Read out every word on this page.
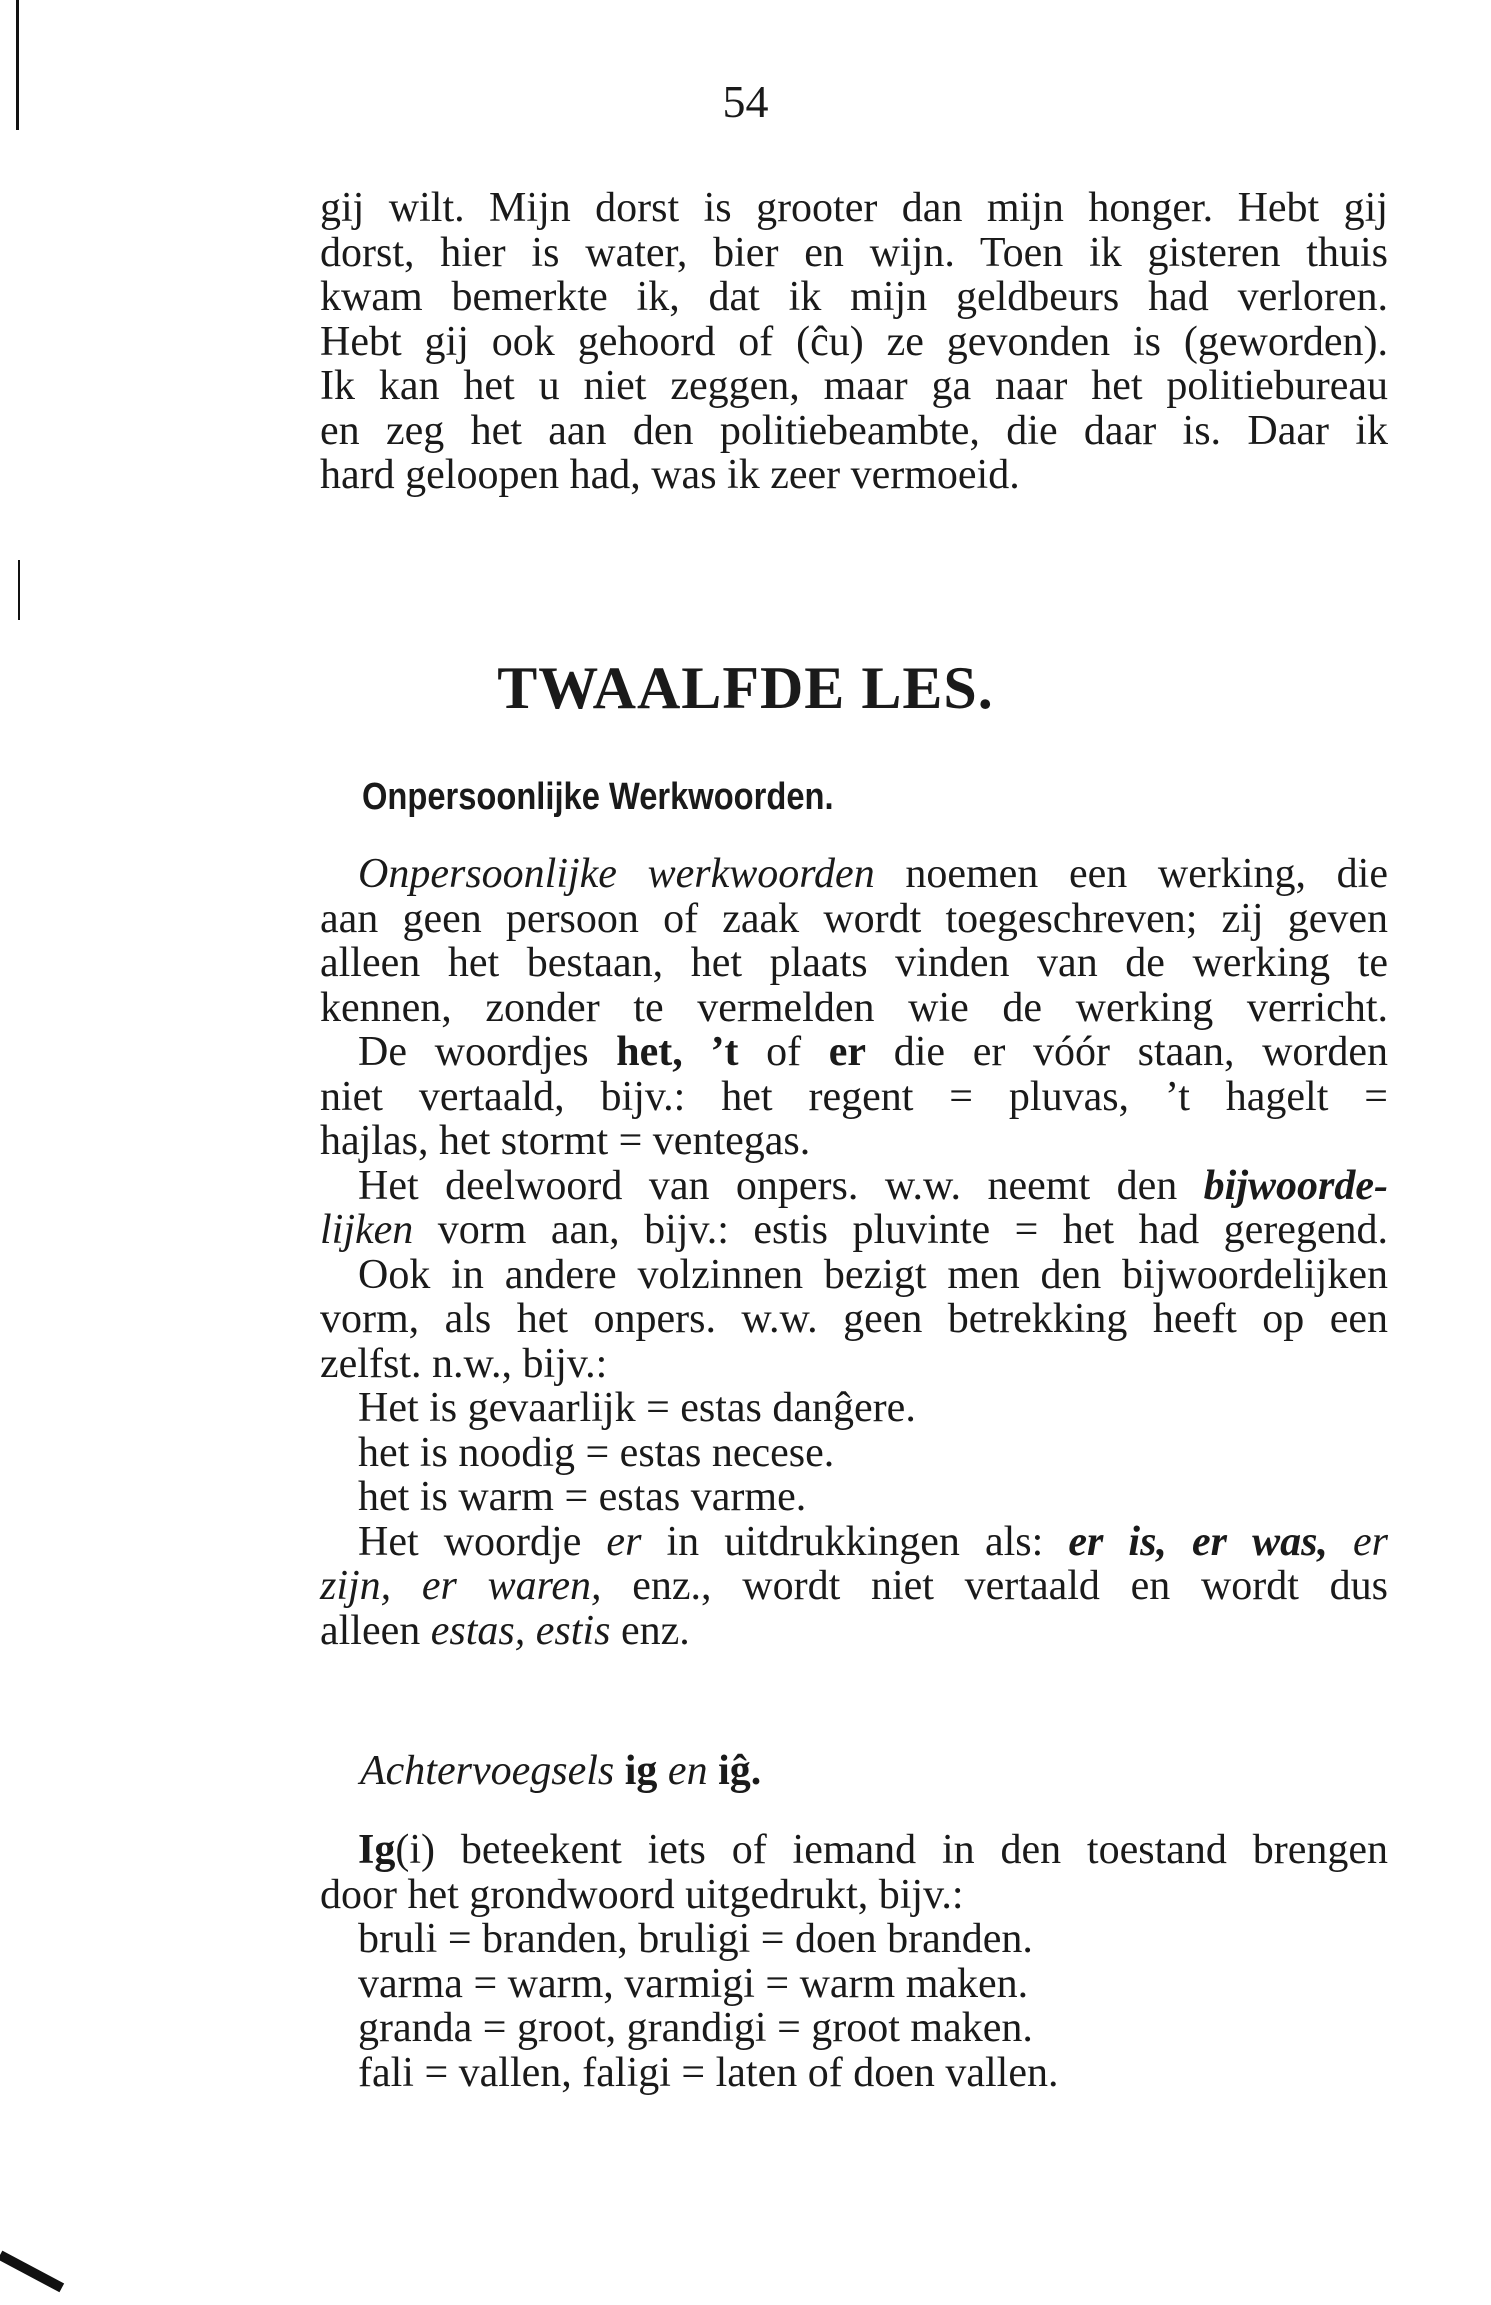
54
gij wilt. Mijn dorst is grooter dan mijn honger. Hebt gij
dorst, hier is water, bier en wijn. Toen ik gisteren thuis
kwam bemerkte ik, dat ik mijn geldbeurs had verloren.
Hebt gij ook gehoord of (ĉu) ze gevonden is (geworden).
Ik kan het u niet zeggen, maar ga naar het politiebureau
en zeg het aan den politiebeambte, die daar is. Daar ik
hard geloopen had, was ik zeer vermoeid.
TWAALFDE LES.
Onpersoonlijke Werkwoorden.
Onpersoonlijke werkwoorden noemen een werking, die
aan geen persoon of zaak wordt toegeschreven; zij geven
alleen het bestaan, het plaats vinden van de werking te
kennen, zonder te vermelden wie de werking verricht.
De woordjes het, ’t of er die er vóór staan, worden
niet vertaald, bijv.: het regent = pluvas, ’t hagelt =
hajlas, het stormt = ventegas.
Het deelwoord van onpers. w.w. neemt den bijwoorde-
lijken vorm aan, bijv.: estis pluvinte = het had geregend.
Ook in andere volzinnen bezigt men den bijwoordelijken
vorm, als het onpers. w.w. geen betrekking heeft op een
zelfst. n.w., bijv.:
Het is gevaarlijk = estas danĝere.
het is noodig = estas necese.
het is warm = estas varme.
Het woordje er in uitdrukkingen als: er is, er was, er
zijn, er waren, enz., wordt niet vertaald en wordt dus
alleen estas, estis enz.
Achtervoegsels ig en iĝ.
Ig(i) beteekent iets of iemand in den toestand brengen
door het grondwoord uitgedrukt, bijv.:
bruli = branden, bruligi = doen branden.
varma = warm, varmigi = warm maken.
granda = groot, grandigi = groot maken.
fali = vallen, faligi = laten of doen vallen.
